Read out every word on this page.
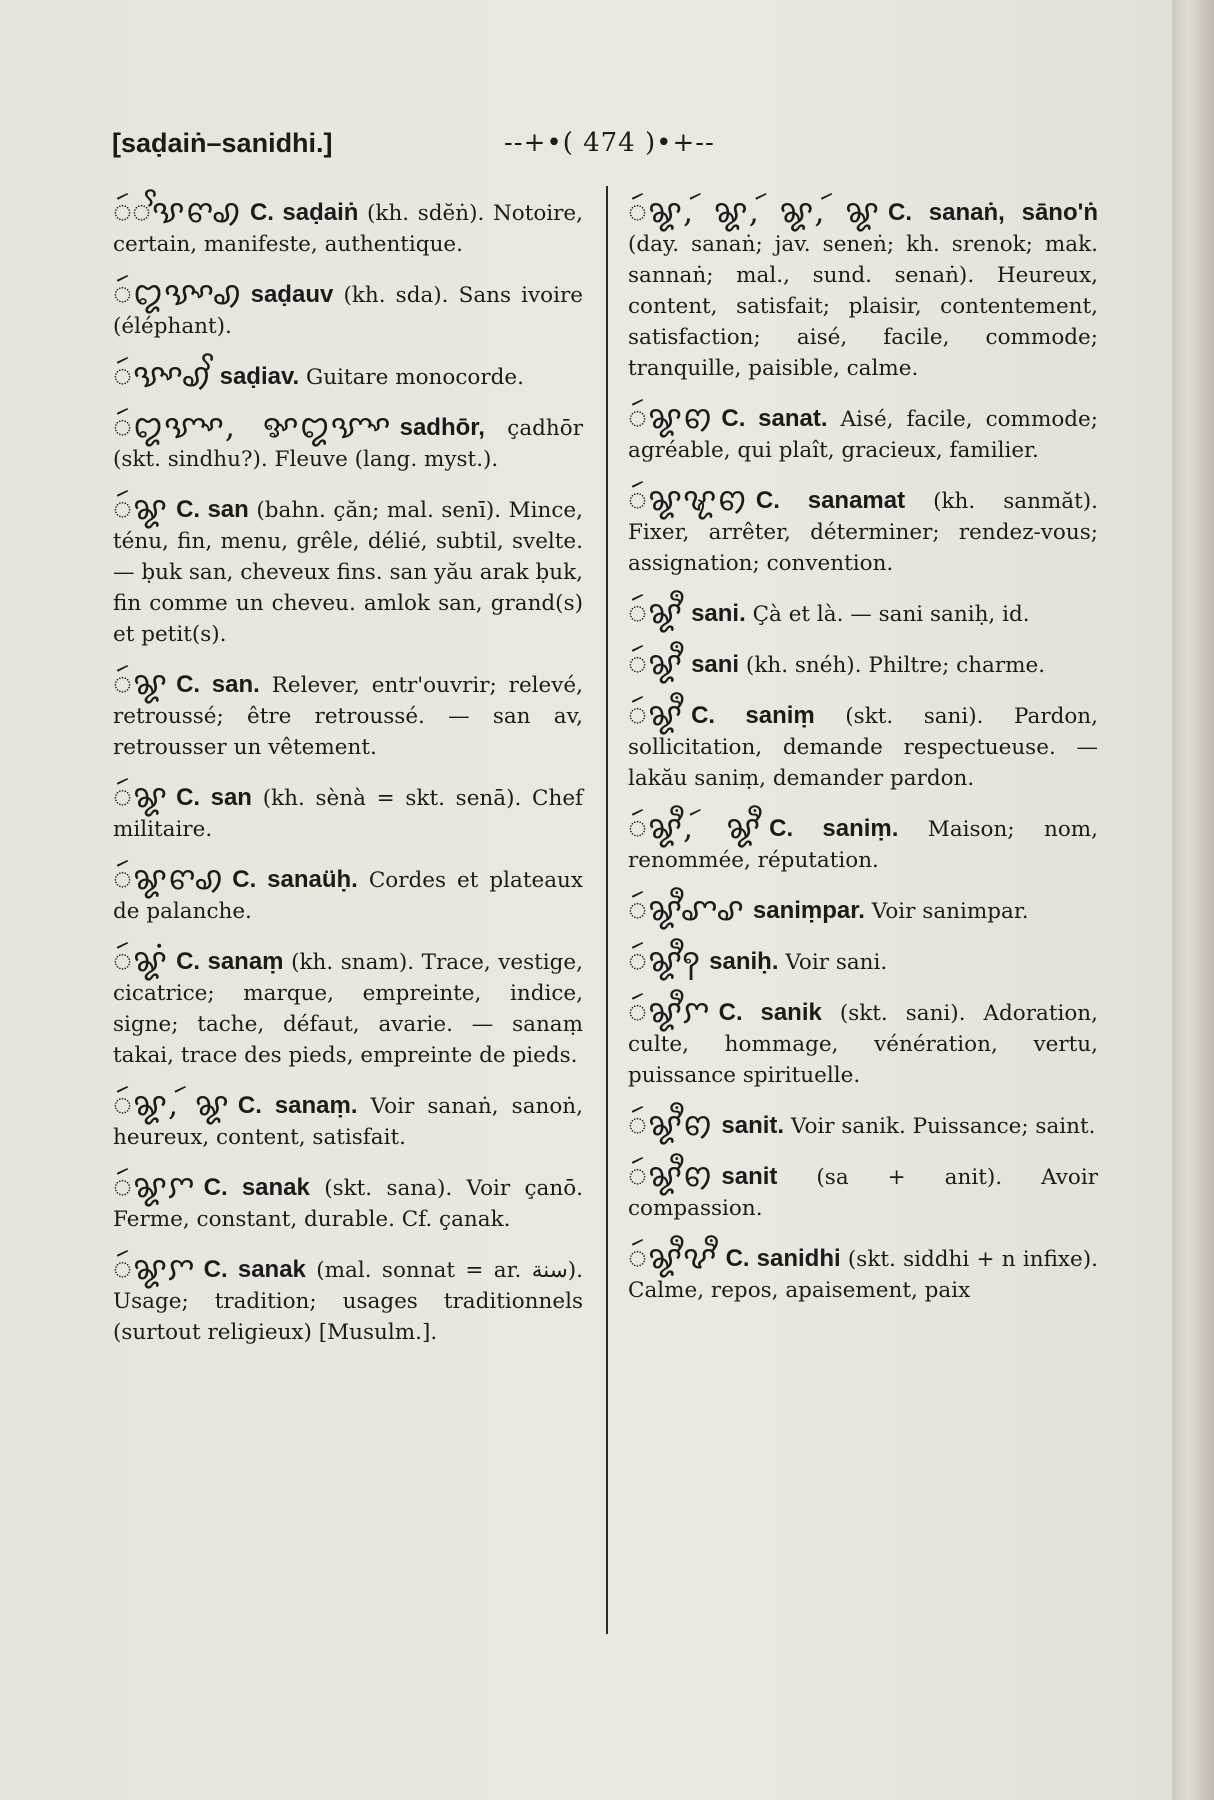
[saḍaiṅ–sanidhi.]	--+•( 474 )•+--
ꩃꨩꨕꨓꩉ C. saḍaiṅ (kh. sdĕṅ). Notoire, certain, manifeste, authentique.
ꩃꨁꨕꨳꩉ saḍauv (kh. sda). Sans ivoire (éléphant).
ꩃꨕꨳꩉꨩ saḍiav. Guitare monocorde.
ꩃꨁꨎꨳ, ꨀꨁꨎꨳ sadhōr, çadhōr (skt. sindhu?). Fleuve (lang. myst.).
ꩃꨘ C. san (bahn. çăn; mal. senī). Mince, ténu, fin, menu, grêle, délié, subtil, svelte. — ḅuk san, cheveux fins. san yău arak ḅuk, fin comme un cheveu. amlok san, grand(s) et petit(s).
ꩃꨘ C. san. Relever, entr'ouvrir; relevé, retroussé; être retroussé. — san av, retrousser un vêtement.
ꩃꨘ C. san (kh. sènà = skt. senā). Chef militaire.
ꩃꨘꨓꩉ C. sanaüḥ. Cordes et plateaux de palanche.
ꩃꨘꩌ C. sanaṃ (kh. snam). Trace, vestige, cicatrice; marque, empreinte, indice, signe; tache, défaut, avarie. — sanaṃ takai, trace des pieds, empreinte de pieds.
ꩃꨘ, ꩃꨘ C. sanaṃ. Voir sanaṅ, sanoṅ, heureux, content, satisfait.
ꩃꨘꨆ C. sanak (skt. sana). Voir çanō. Ferme, constant, durable. Cf. çanak.
ꩃꨘꨆ C. sanak (mal. sonnat = ar. سنة). Usage; tradition; usages traditionnels (surtout religieux) [Musulm.].
ꩃꨘ, ꩃꨘ, ꩃꨘ, ꩃꨘ C. sanaṅ, sāno'ṅ (day. sanaṅ; jav. seneṅ; kh. srenok; mak. sannaṅ; mal., sund. senaṅ). Heureux, content, satisfait; plaisir, contentement, satisfaction; aisé, facile, commode; tranquille, paisible, calme.
ꩃꨘꩅ C. sanat. Aisé, facile, commode; agréable, qui plaît, gracieux, familier.
ꩃꨘꨠꩅ C. sanamat (kh. sanmăt). Fixer, arrêter, déterminer; rendez-vous; assignation; convention.
ꩃꨘꨫ sani. Çà et là. — sani saniḥ, id.
ꩃꨘꨫ sani (kh. snéh). Philtre; charme.
ꩃꨘꨫ C. saniṃ (skt. sani). Pardon, sollicitation, demande respectueuse. — lakău saniṃ, demander pardon.
ꩃꨘꨫ, ꩃꨘꨫ C. saniṃ. Maison; nom, renommée, réputation.
ꩃꨘꨫꨚꨣ saniṃpar. Voir sanimpar.
ꩃꨘꨫꩍ saniḥ. Voir sani.
ꩃꨘꨫꨆ C. sanik (skt. sani). Adoration, culte, hommage, vénération, vertu, puissance spirituelle.
ꩃꨘꨫꩅ sanit. Voir sanik. Puissance; saint.
ꩃꨘꨫꩅ sanit (sa + anit). Avoir compassion.
ꩃꨘꨫꨖꨫ C. sanidhi (skt. siddhi + n infixe). Calme, repos, apaisement, paix
